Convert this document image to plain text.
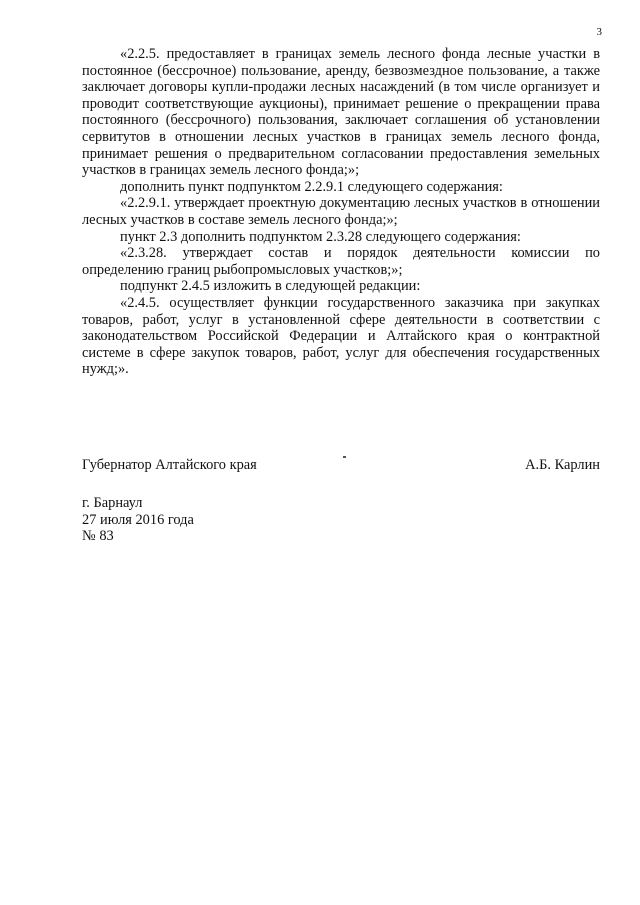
3

«2.2.5. предоставляет в границах земель лесного фонда лесные участки в постоянное (бессрочное) пользование, аренду, безвозмездное пользование, а также заключает договоры купли-продажи лесных насаждений (в том числе организует и проводит соответствующие аукционы), принимает решение о прекращении права постоянного (бессрочного) пользования, заключает соглашения об установлении сервитутов в отношении лесных участков в границах земель лесного фонда, принимает решения о предварительном согласовании предоставления земельных участков в границах земель лесного фонда;»;

дополнить пункт подпунктом 2.2.9.1 следующего содержания:

«2.2.9.1. утверждает проектную документацию лесных участков в отношении лесных участков в составе земель лесного фонда;»;

пункт 2.3 дополнить подпунктом 2.3.28 следующего содержания:

«2.3.28. утверждает состав и порядок деятельности комиссии по определению границ рыбопромысловых участков;»;

подпункт 2.4.5 изложить в следующей редакции:

«2.4.5. осуществляет функции государственного заказчика при закупках товаров, работ, услуг в установленной сфере деятельности в соответствии с законодательством Российской Федерации и Алтайского края о контрактной системе в сфере закупок товаров, работ, услуг для обеспечения государственных нужд;».

Губернатор Алтайского края	А.Б. Карлин
г. Барнаул
27 июля 2016 года
№ 83
